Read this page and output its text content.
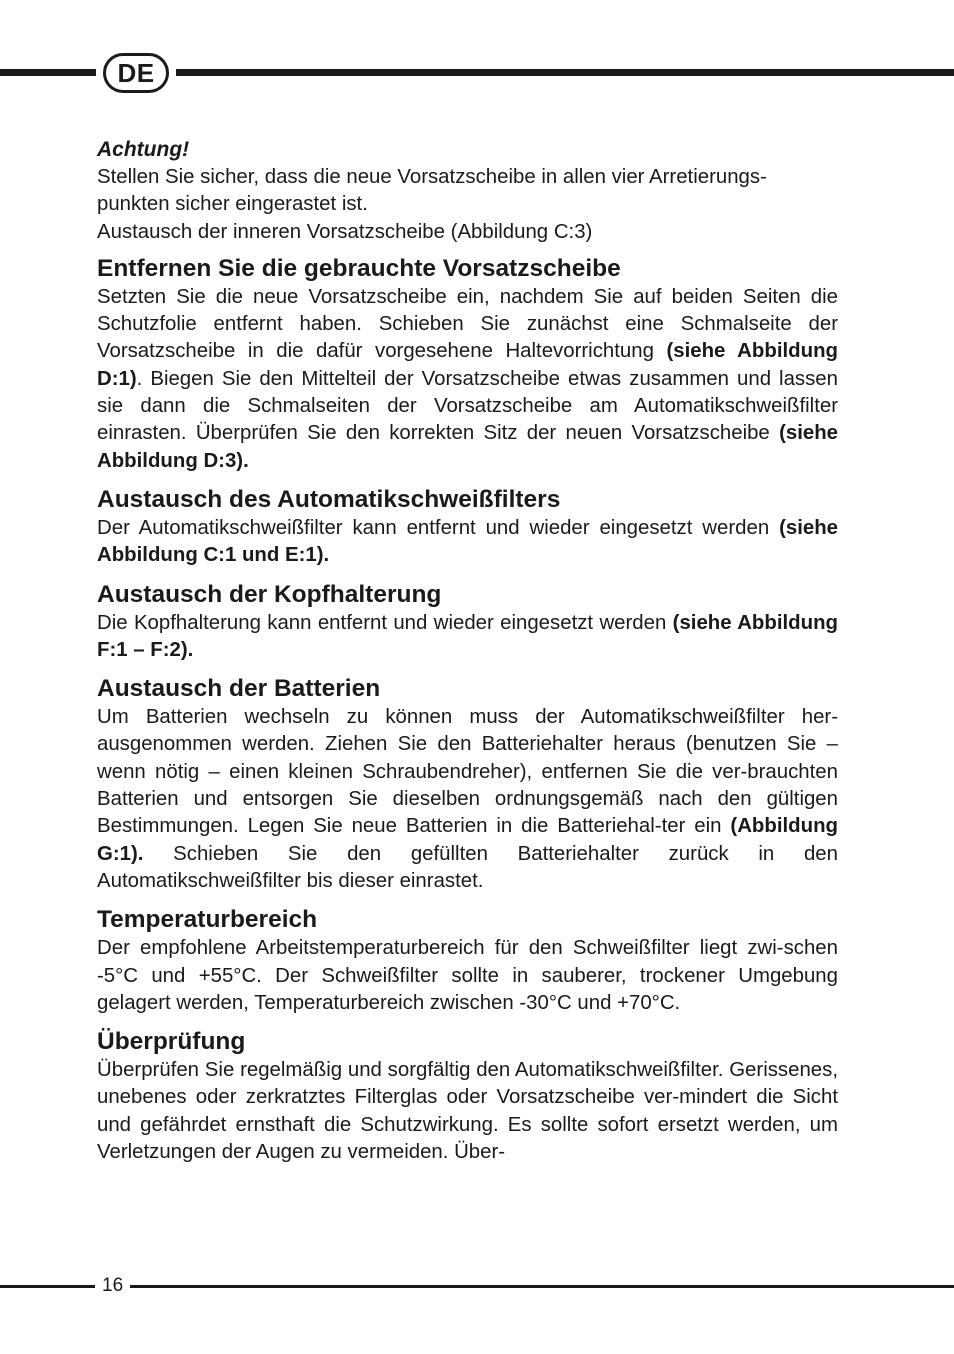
DE
Achtung!

Stellen Sie sicher, dass die neue Vorsatzscheibe in allen vier Arretierungs-punkten sicher eingerastet ist.

Austausch der inneren Vorsatzscheibe (Abbildung C:3)

Entfernen Sie die gebrauchte Vorsatzscheibe

Setzten Sie die neue Vorsatzscheibe ein, nachdem Sie auf beiden Seiten die Schutzfolie entfernt haben. Schieben Sie zunächst eine Schmalseite der Vorsatzscheibe in die dafür vorgesehene Haltevorrichtung (siehe Abbildung D:1). Biegen Sie den Mittelteil der Vorsatzscheibe etwas zusammen und lassen sie dann die Schmalseiten der Vorsatzscheibe am Automatikschweißfilter einrasten. Überprüfen Sie den korrekten Sitz der neuen Vorsatzscheibe (siehe Abbildung D:3).

Austausch des Automatikschweißfilters

Der Automatikschweißfilter kann entfernt und wieder eingesetzt werden (siehe Abbildung C:1 und E:1).

Austausch der Kopfhalterung

Die Kopfhalterung kann entfernt und wieder eingesetzt werden (siehe Abbildung F:1 – F:2).

Austausch der Batterien

Um Batterien wechseln zu können muss der Automatikschweißfilter her-ausgenommen werden. Ziehen Sie den Batteriehalter heraus (benutzen Sie – wenn nötig – einen kleinen Schraubendreher), entfernen Sie die ver-brauchten Batterien und entsorgen Sie dieselben ordnungsgemäß nach den gültigen Bestimmungen. Legen Sie neue Batterien in die Batteriehal-ter ein (Abbildung G:1). Schieben Sie den gefüllten Batteriehalter zurück in den Automatikschweißfilter bis dieser einrastet.

Temperaturbereich

Der empfohlene Arbeitstemperaturbereich für den Schweißfilter liegt zwi-schen -5°C und +55°C. Der Schweißfilter sollte in sauberer, trockener Umgebung gelagert werden, Temperaturbereich zwischen -30°C und +70°C.

Überprüfung

Überprüfen Sie regelmäßig und sorgfältig den Automatikschweißfilter. Gerissenes, unebenes oder zerkratztes Filterglas oder Vorsatzscheibe ver-mindert die Sicht und gefährdet ernsthaft die Schutzwirkung. Es sollte sofort ersetzt werden, um Verletzungen der Augen zu vermeiden. Über-

16
